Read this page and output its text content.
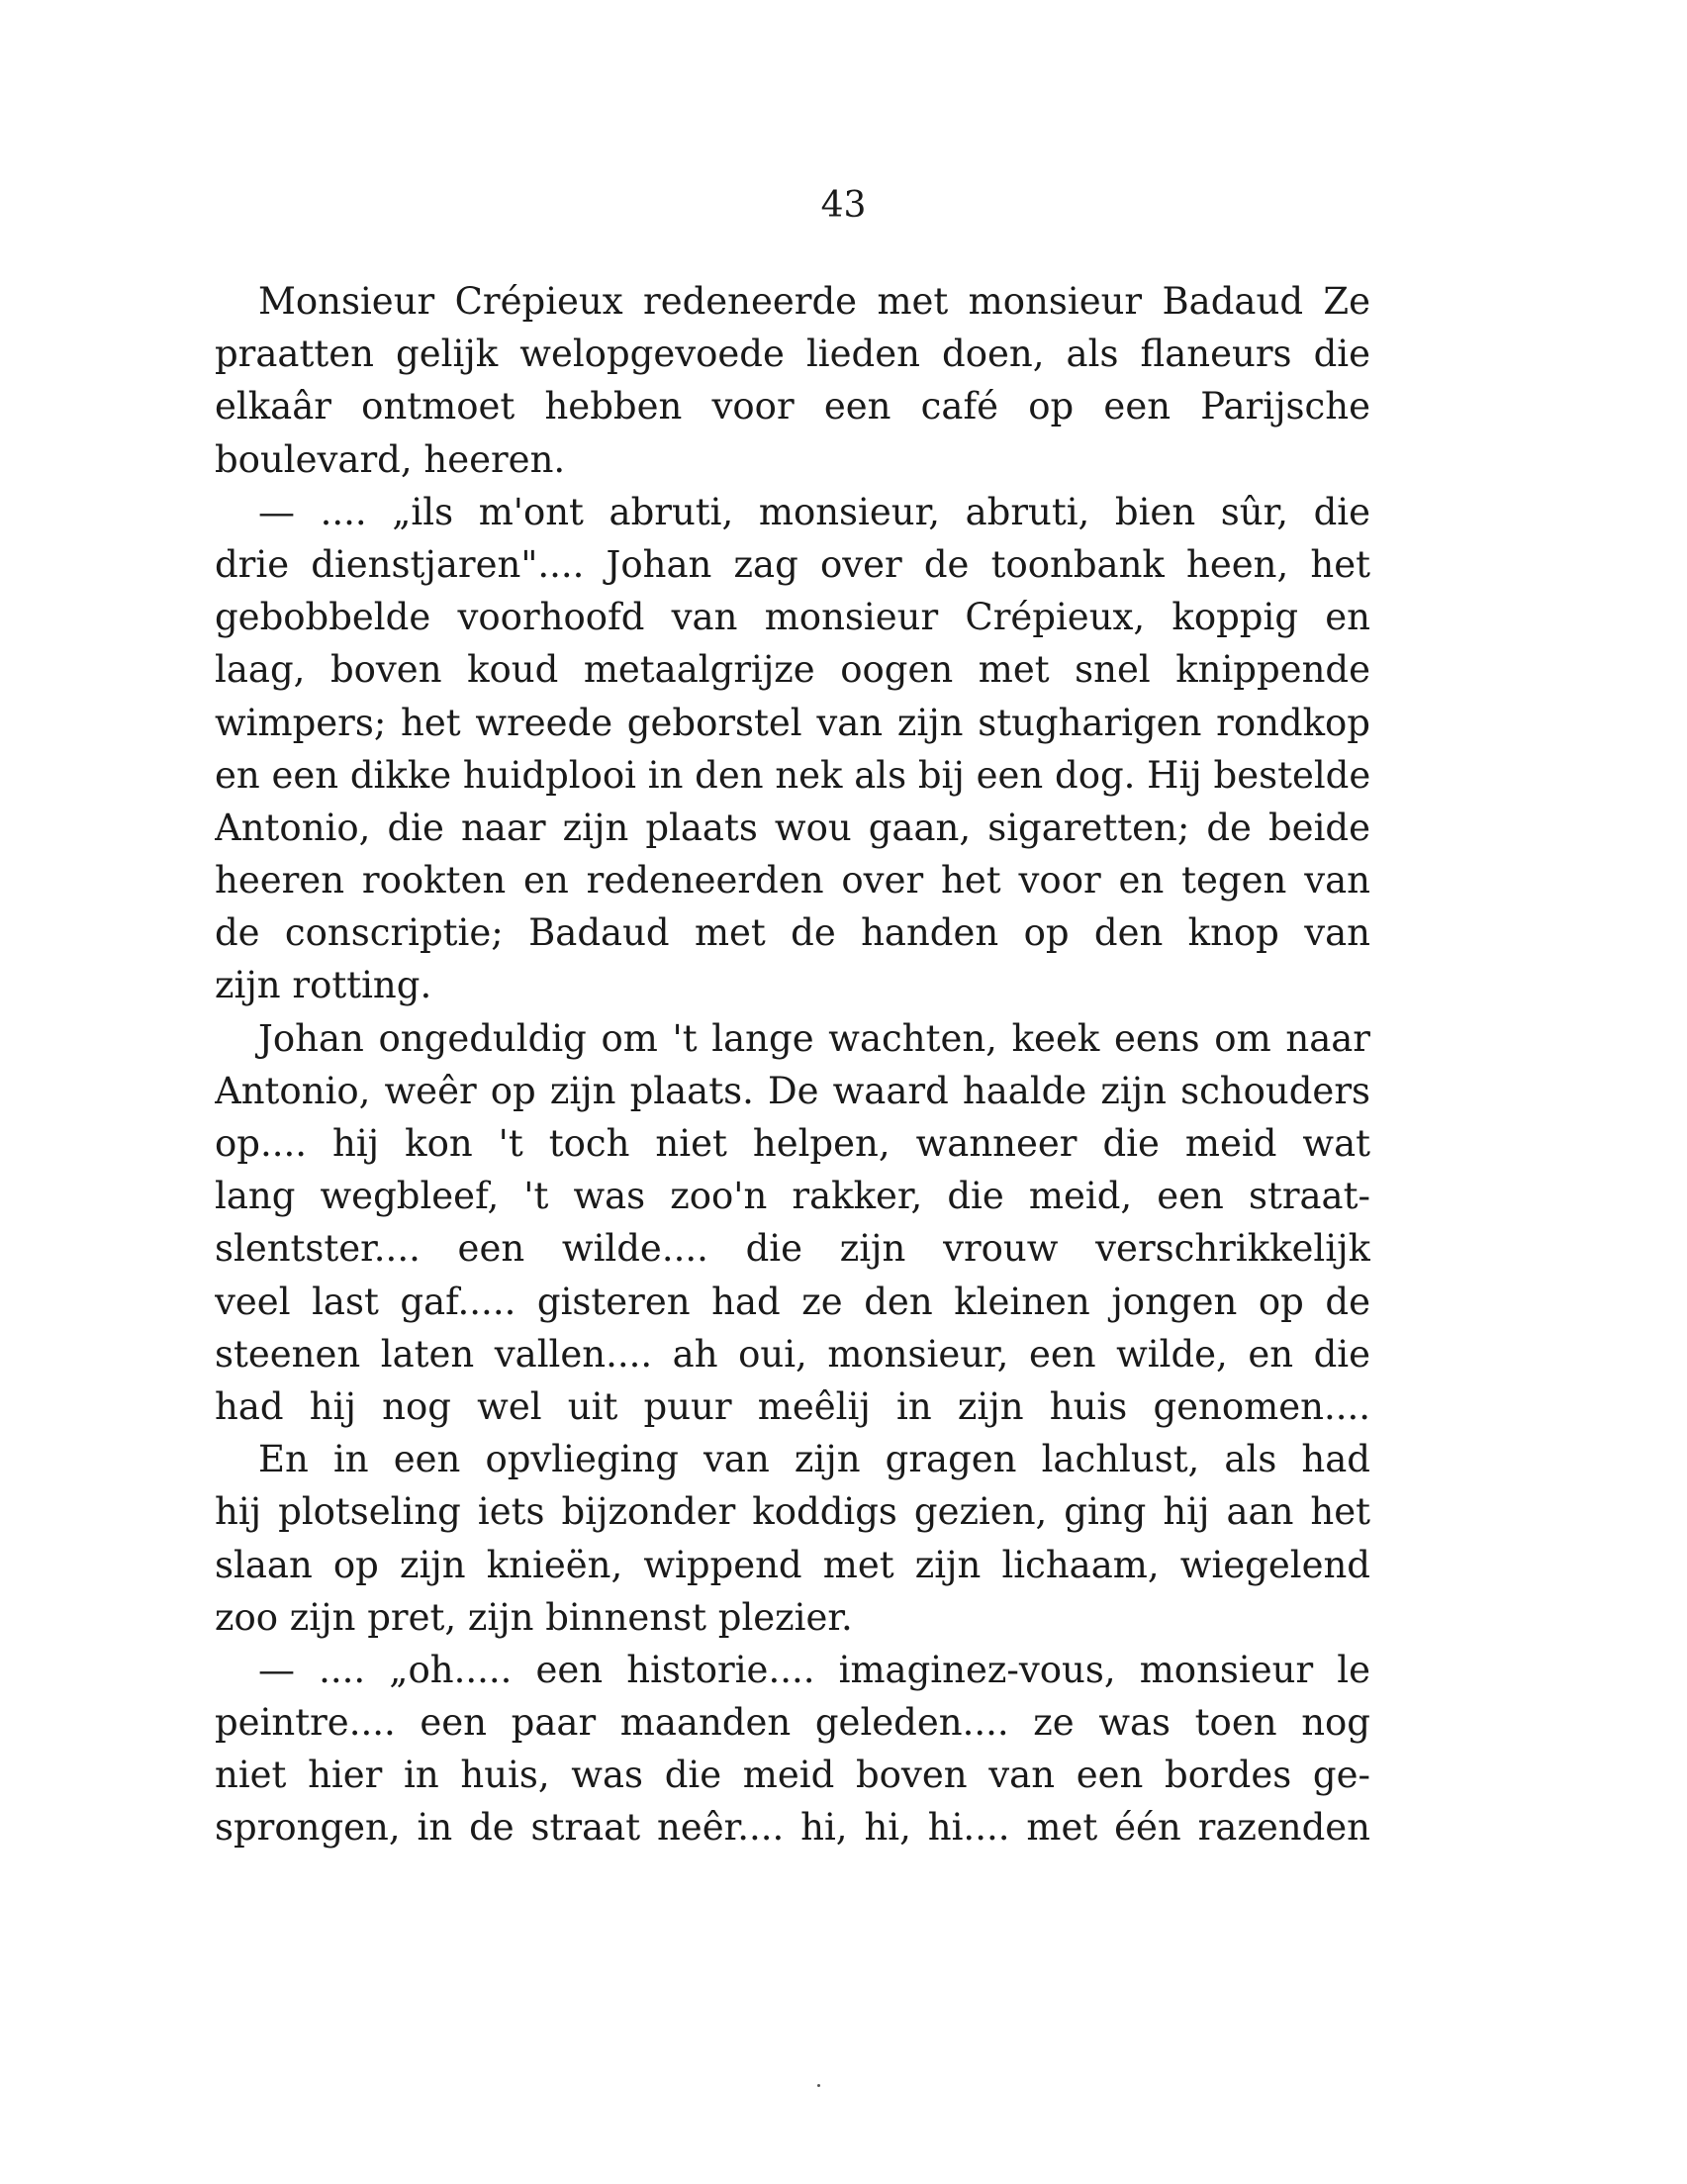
43
Monsieur Crépieux redeneerde met monsieur Badaud Ze
praatten gelijk welopgevoede lieden doen, als flaneurs die
elkaâr ontmoet hebben voor een café op een Parijsche
boulevard, heeren.
— .... „ils m'ont abruti, monsieur, abruti, bien sûr, die
drie dienstjaren".... Johan zag over de toonbank heen, het
gebobbelde voorhoofd van monsieur Crépieux, koppig en
laag, boven koud metaalgrijze oogen met snel knippende
wimpers; het wreede geborstel van zijn stugharigen rondkop
en een dikke huidplooi in den nek als bij een dog. Hij bestelde
Antonio, die naar zijn plaats wou gaan, sigaretten; de beide
heeren rookten en redeneerden over het voor en tegen van
de conscriptie; Badaud met de handen op den knop van
zijn rotting.
Johan ongeduldig om 't lange wachten, keek eens om naar
Antonio, weêr op zijn plaats. De waard haalde zijn schouders
op.... hij kon 't toch niet helpen, wanneer die meid wat
lang wegbleef, 't was zoo'n rakker, die meid, een straat-
slentster.... een wilde.... die zijn vrouw verschrikkelijk
veel last gaf..... gisteren had ze den kleinen jongen op de
steenen laten vallen.... ah oui, monsieur, een wilde, en die
had hij nog wel uit puur meêlij in zijn huis genomen....
En in een opvlieging van zijn gragen lachlust, als had
hij plotseling iets bijzonder koddigs gezien, ging hij aan het
slaan op zijn knieën, wippend met zijn lichaam, wiegelend
zoo zijn pret, zijn binnenst plezier.
— .... „oh..... een historie.... imaginez-vous, monsieur le
peintre.... een paar maanden geleden.... ze was toen nog
niet hier in huis, was die meid boven van een bordes ge-
sprongen, in de straat neêr.... hi, hi, hi.... met één razenden
